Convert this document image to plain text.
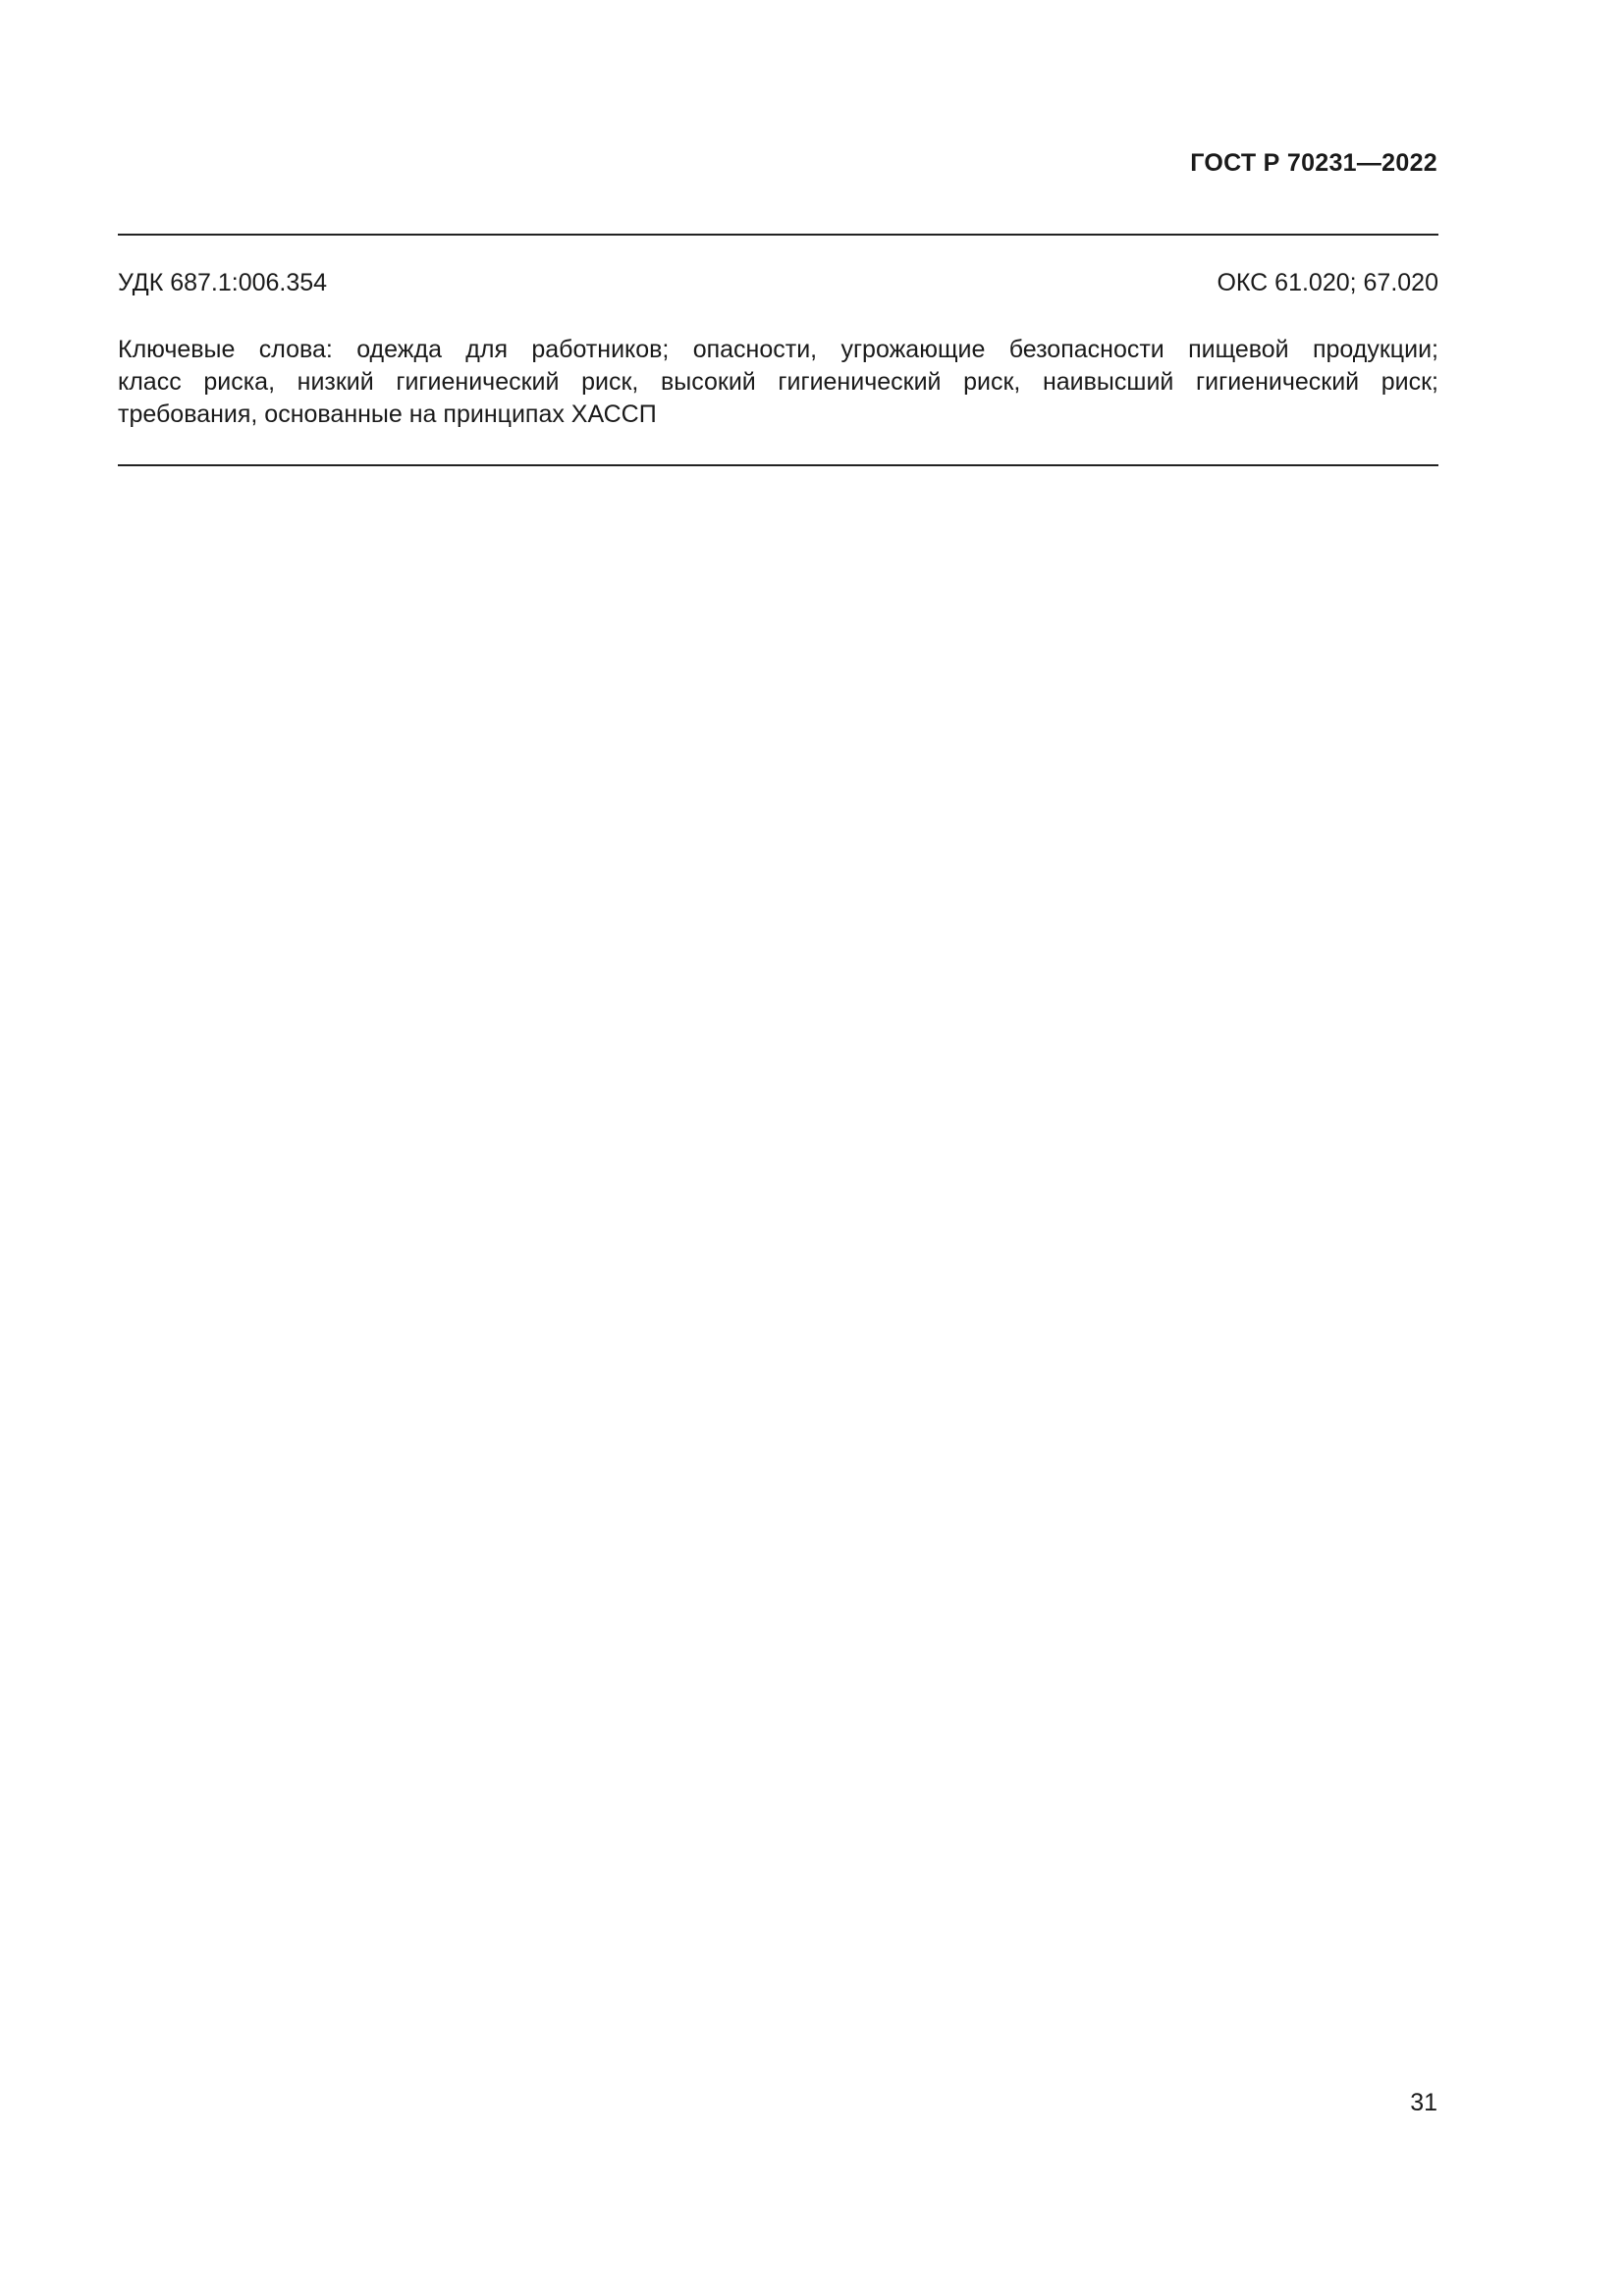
ГОСТ Р 70231—2022
УДК 687.1:006.354	ОКС 61.020; 67.020
Ключевые слова: одежда для работников; опасности, угрожающие безопасности пищевой продукции;
класс риска, низкий гигиенический риск, высокий гигиенический риск, наивысший гигиенический риск;
требования, основанные на принципах ХАССП
31
